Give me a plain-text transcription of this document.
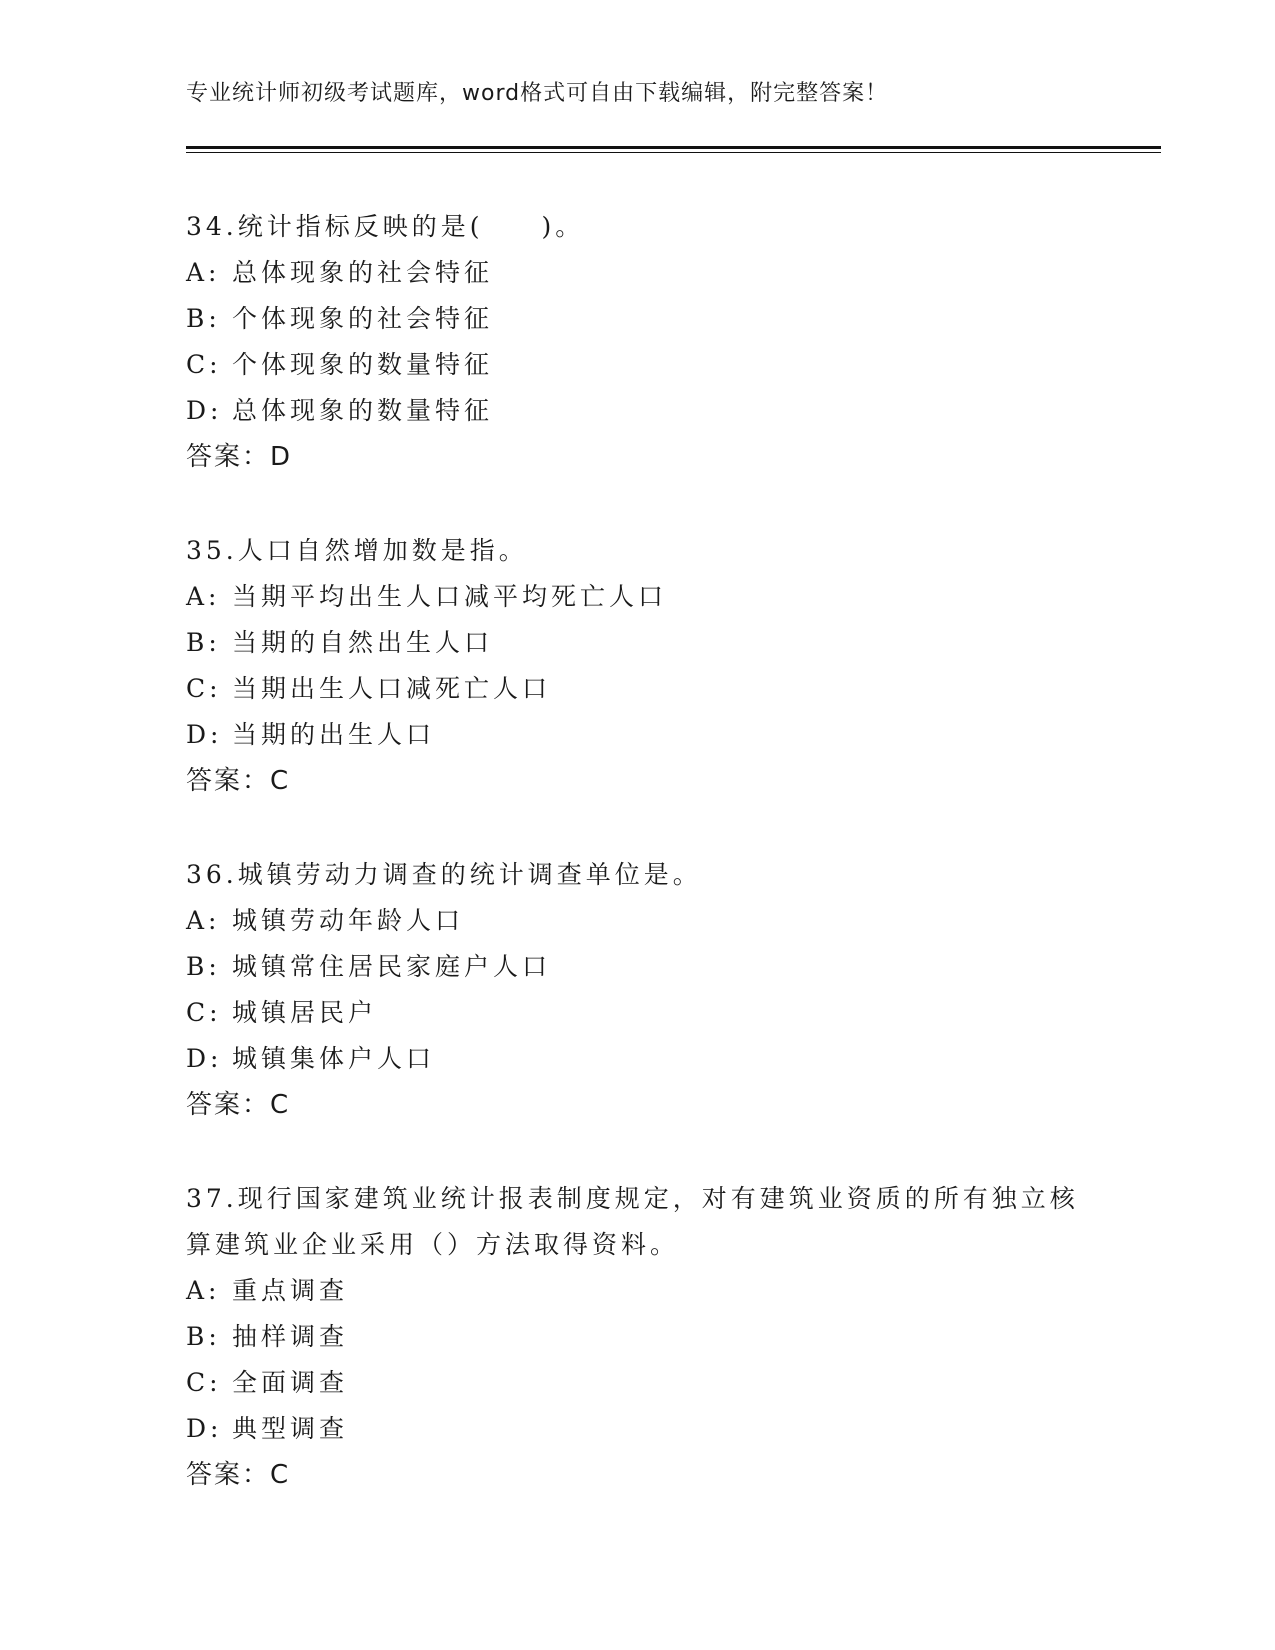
专业统计师初级考试题库，word格式可自由下载编辑，附完整答案！
34.统计指标反映的是(　　)。
A: 总体现象的社会特征
B: 个体现象的社会特征
C: 个体现象的数量特征
D: 总体现象的数量特征
答案：D
35.人口自然增加数是指。
A: 当期平均出生人口减平均死亡人口
B: 当期的自然出生人口
C: 当期出生人口减死亡人口
D: 当期的出生人口
答案：C
36.城镇劳动力调查的统计调查单位是。
A: 城镇劳动年龄人口
B: 城镇常住居民家庭户人口
C: 城镇居民户
D: 城镇集体户人口
答案：C
37.现行国家建筑业统计报表制度规定，对有建筑业资质的所有独立核
算建筑业企业采用（）方法取得资料。
A: 重点调查
B: 抽样调查
C: 全面调查
D: 典型调查
答案：C
